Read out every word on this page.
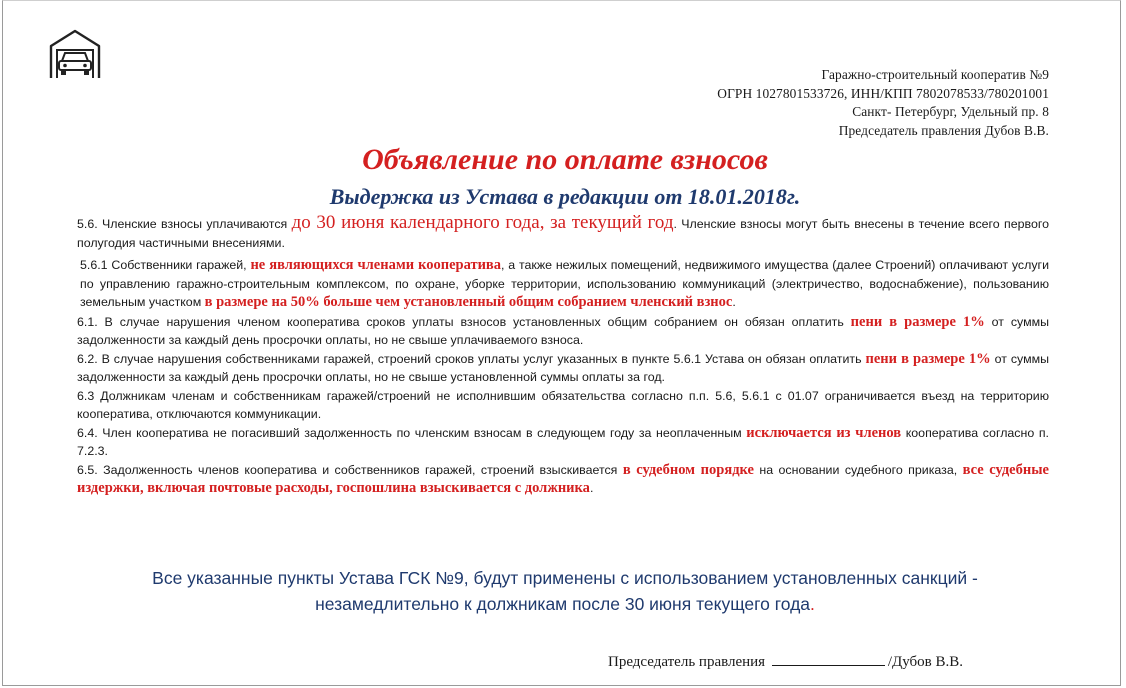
Гаражно-строительный кооператив №9
ОГРН 1027801533726, ИНН/КПП 7802078533/780201001
Санкт- Петербург, Удельный пр. 8
Председатель правления Дубов В.В.
Объявление по оплате взносов
Выдержка из Устава в редакции от 18.01.2018г.

5.6. Членские взносы уплачиваются до 30 июня календарного года, за текущий год. Членские взносы могут быть внесены в течение всего первого полугодия частичными внесениями.

5.6.1 Собственники гаражей, не являющихся членами кооператива, а также нежилых помещений, недвижимого имущества (далее Строений) оплачивают услуги по управлению гаражно-строительным комплексом, по охране, уборке территории, использованию коммуникаций (электричество, водоснабжение), пользованию земельным участком в размере на 50% больше чем установленный общим собранием членский взнос.

6.1. В случае нарушения членом кооператива сроков уплаты взносов установленных общим собранием он обязан оплатить пени в размере 1% от суммы задолженности за каждый день просрочки оплаты, но не свыше уплачиваемого взноса.

6.2. В случае нарушения собственниками гаражей, строений сроков уплаты услуг указанных в пункте 5.6.1 Устава он обязан оплатить пени в размере 1% от суммы задолженности за каждый день просрочки оплаты, но не свыше установленной суммы оплаты за год.

6.3 Должникам членам и собственникам гаражей/строений не исполнившим обязательства согласно п.п. 5.6, 5.6.1 с 01.07 ограничивается въезд на территорию кооператива, отключаются коммуникации.

6.4. Член кооператива не погасивший задолженность по членским взносам в следующем году за неоплаченным исключается из членов кооператива согласно п. 7.2.3.

6.5. Задолженность членов кооператива и собственников гаражей, строений взыскивается в судебном порядке на основании судебного приказа, все судебные издержки, включая почтовые расходы, госпошлина взыскивается с должника.

Все указанные пункты Устава ГСК №9, будут применены с использованием установленных санкций -
незамедлительно к должникам после 30 июня текущего года.
Председатель правления	/Дубов В.В.
